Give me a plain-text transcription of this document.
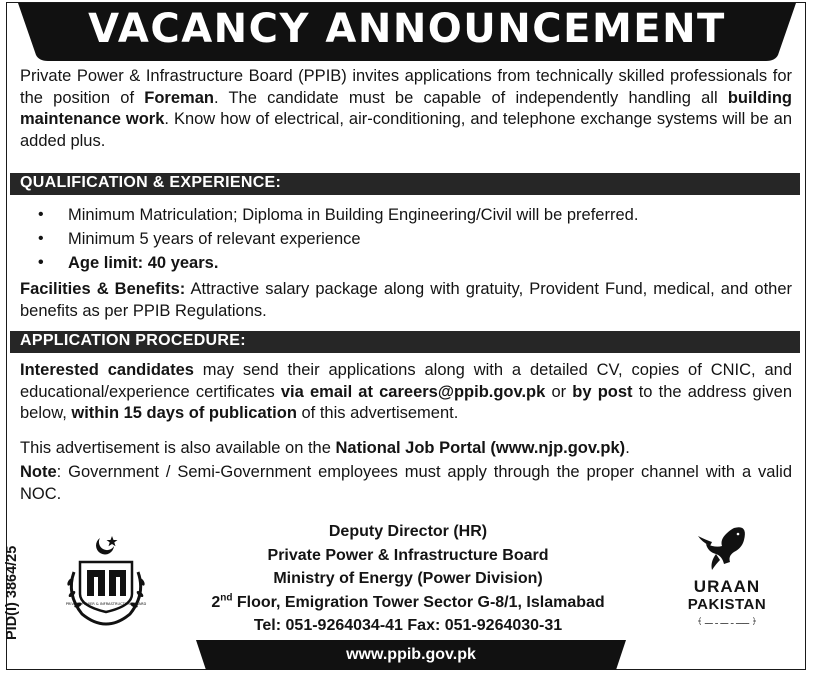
VACANCY ANNOUNCEMENT
Private Power & Infrastructure Board (PPIB) invites applications from technically skilled professionals for the position of Foreman. The candidate must be capable of independently handling all building maintenance work. Know how of electrical, air-conditioning, and telephone exchange systems will be an added plus.
QUALIFICATION & EXPERIENCE:
• Minimum Matriculation; Diploma in Building Engineering/Civil will be preferred.
• Minimum 5 years of relevant experience
• Age limit: 40 years.
Facilities & Benefits: Attractive salary package along with gratuity, Provident Fund, medical, and other benefits as per PPIB Regulations.
APPLICATION PROCEDURE:
Interested candidates may send their applications along with a detailed CV, copies of CNIC, and educational/experience certificates via email at careers@ppib.gov.pk or by post to the address given below, within 15 days of publication of this advertisement.
This advertisement is also available on the National Job Portal (www.njp.gov.pk).
Note: Government / Semi-Government employees must apply through the proper channel with a valid NOC.
PID(I) 3864/25	PRIVATE POWER & INFRASTRUCTURE BOARD
Deputy Director (HR)
Private Power & Infrastructure Board
Ministry of Energy (Power Division)
2nd Floor, Emigration Tower Sector G-8/1, Islamabad
Tel: 051-9264034-41 Fax: 051-9264030-31
URAAN
PAKISTAN
﴾ ـــــ ـ ـــ ـ ـــ ﴿
www.ppib.gov.pk
